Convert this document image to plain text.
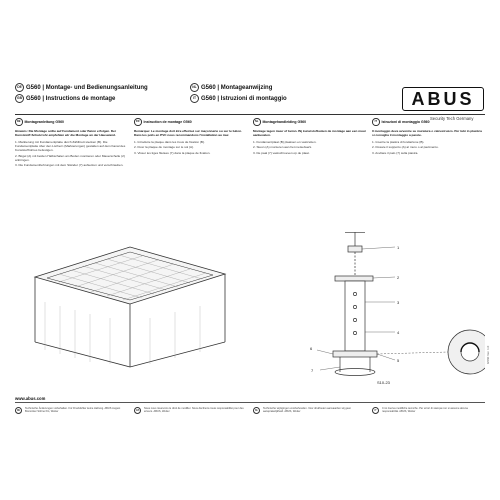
DE G560 | Montage- und Bedienungsanleitung
GB G560 | Instructions de montage
NL G560 | Montageanwijzing
IT G560 | Istruzioni di montaggio	ABUS
Security Tech Germany
DE	Montageanleitung G560
Hinweis: Die Montage sollte auf Fundament oder Beton erfolgen. Der Kunststoff-Schutzrohr empfehlen wir die Montage an der Hauswand.
1. Markierung mit Fundamentplatte durch Zählbrett stecken (B). Die Fundamentplatte über den Löchern (Markierungen) gestalten auf dem Kanal des Kunststoffrohres befestigen.
2. Bügel (A) mit beiden Halbschalen am Boden montieren oder Mauerschelle (2) anbringen.
3. Die Fundamentbohrungen mit dem Ständer (7) aufsetzen und verschrauben.
FR	Instruction de montage G560
Remarque: Le montage doit être effectué sur maçonnerie ou sur le béton. Dans les poils en PVC nous recommandons l'installation au mur.
1. Introduire la plaque dans les trous de fixation (B).
2. Fixer la plaque de montage sur le sol (A).
3. Visser les tiges filetées (7) dans la plaque de fixation.
NL	Montagehandleiding G560
Montage tegen muur of beton. Bij kunststofbuizen de montage aan een muur aanbevelen.
1. Fundamentplaat (B) plaatsen en vastzetten.
2. Steun (A) monteren aan het metselwerk.
3. De paal (7) vastschroeven op de plaat.
IT	Istruzioni di montaggio G560
Il montaggio deve avvenire su muratura o calcestruzzo. Per tubi in plastica si consiglia il montaggio a parete.
1. Inserire la piastra di fondazione (B).
2. Fissare il supporto (A) al muro o al pavimento.
3. Avvitare il palo (7) sulla piastra.
1
2
3
4
5
6
7
S10-23
www.abus.com
DE
Technische Änderungen vorbehalten. Für Druckfehler keine Haftung. ABUS August Bremicker Söhne KG, Wetter	GB
Nous nous réservons le droit de modifier. Nous déclinons toute responsabilité pour des erreurs. ABUS, Wetter	NL
Technische wijzigingen voorbehouden. Voor drukfouten aanvaarden wij geen aansprakelijkheid. ABUS, Wetter	IT
Ci si riserva modifiche tecniche. Per errori di stampa non si assume alcuna responsabilità. ABUS, Wetter
G560 Ver. 1.0
